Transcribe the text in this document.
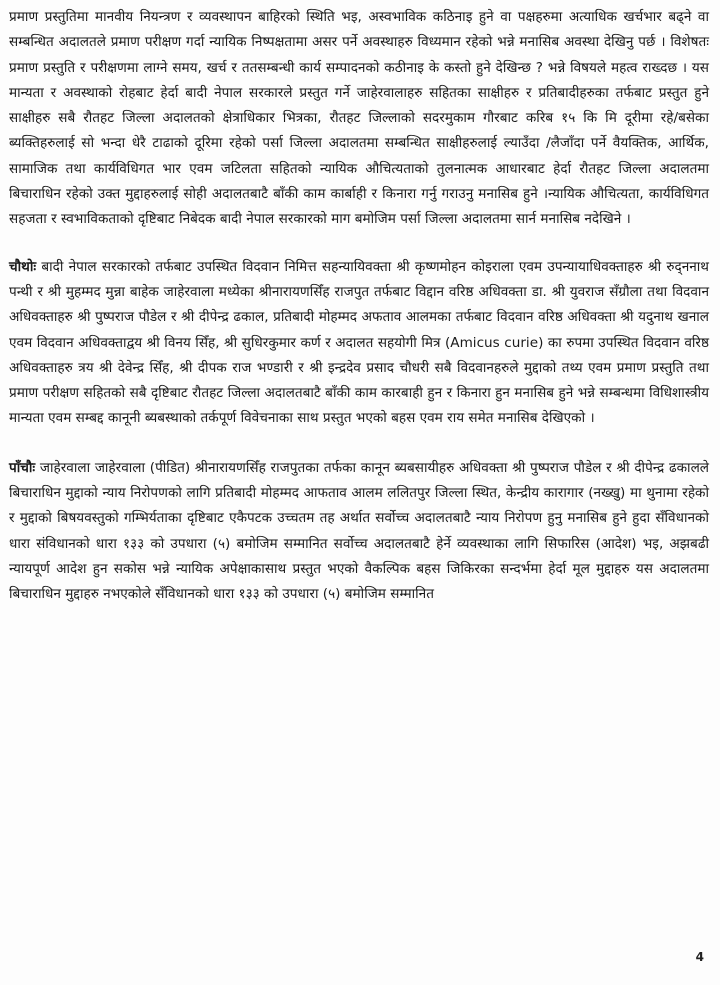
प्रमाण प्रस्तुतिमा मानवीय नियन्त्रण र व्यवस्थापन बाहिरको स्थिति भइ, अस्वभाविक कठिनाइ हुने वा पक्षहरुमा अत्याधिक खर्चभार बढ्ने वा सम्बन्धित अदालतले प्रमाण परीक्षण गर्दा न्यायिक निष्पक्षतामा असर पर्ने अवस्थाहरु विध्यमान रहेको भन्ने मनासिब अवस्था देखिनु पर्छ । विशेषतः प्रमाण प्रस्तुति र परीक्षणमा लाग्ने समय, खर्च र ततसम्बन्धी कार्य सम्पादनको कठीनाइ के कस्तो हुने देखिन्छ ? भन्ने विषयले महत्व राख्दछ । यस मान्यता र अवस्थाको रोहबाट हेर्दा बादी नेपाल सरकारले प्रस्तुत गर्ने जाहेरवालाहरु सहितका साक्षीहरु र प्रतिबादीहरुका तर्फबाट प्रस्तुत हुने साक्षीहरु सबै रौतहट जिल्ला अदालतको क्षेत्राधिकार भित्रका, रौतहट जिल्लाको सदरमुकाम गौरबाट करिब १५ कि मि दूरीमा रहे/बसेका ब्यक्तिहरुलाई सो भन्दा धेरै टाढाको दूरिमा रहेको पर्सा जिल्ला अदालतमा सम्बन्धित साक्षीहरुलाई ल्याउँदा /लैजाँदा पर्ने वैयक्तिक, आर्थिक, सामाजिक तथा कार्यविधिगत भार एवम जटिलता सहितको न्यायिक औचित्यताको तुलनात्मक आधारबाट हेर्दा रौतहट जिल्ला अदालतमा बिचाराधिन रहेको उक्त मुद्दाहरुलाई सोही अदालतबाटै बाँकी काम कार्बाही र किनारा गर्नु गराउनु मनासिब हुने ।न्यायिक औचित्यता, कार्यविधिगत सहजता र स्वभाविकताको दृष्टिबाट निबेदक बादी नेपाल सरकारको माग बमोजिम पर्सा जिल्ला अदालतमा सार्न मनासिब नदेखिने ।

चौथोः बादी नेपाल सरकारको तर्फबाट उपस्थित विदवान निमित्त सहन्यायिवक्ता श्री कृष्णमोहन कोइराला एवम उपन्यायाधिवक्ताहरु श्री रुद्ननाथ पन्थी र श्री मुहम्मद मुन्ना बाहेक जाहेरवाला मध्येका श्रीनारायणसिँह राजपुत तर्फबाट विद्दान वरिष्ठ अधिवक्ता डा. श्री युवराज सँग्रौला तथा विदवान अधिवक्ताहरु श्री पुष्पराज पौडेल र श्री दीपेन्द्र ढकाल, प्रतिबादी मोहम्मद अफताव आलमका तर्फबाट विदवान वरिष्ठ अधिवक्ता श्री यदुनाथ खनाल एवम विदवान अधिवक्ताद्वय श्री विनय सिँह, श्री सुधिरकुमार कर्ण र अदालत सहयोगी मित्र (Amicus curie) का रुपमा उपस्थित विदवान वरिष्ठ अधिवक्ताहरु त्रय श्री देवेन्द्र सिँह, श्री दीपक राज भण्डारी र श्री इन्द्रदेव प्रसाद चौधरी सबै विदवानहरुले मुद्दाको तथ्य एवम प्रमाण प्रस्तुति तथा प्रमाण परीक्षण सहितको सबै दृष्टिबाट रौतहट जिल्ला अदालतबाटै बाँकी काम कारबाही हुन र किनारा हुन मनासिब हुने भन्ने सम्बन्धमा विधिशास्त्रीय मान्यता एवम सम्बद्द कानूनी ब्यबस्थाको तर्कपूर्ण विवेचनाका साथ प्रस्तुत भएको बहस एवम राय समेत मनासिब देखिएको ।

पाँचौः जाहेरवाला जाहेरवाला (पीडित) श्रीनारायणसिँह राजपुतका तर्फका कानून ब्यबसायीहरु अधिवक्ता श्री पुष्पराज पौडेल र श्री दीपेन्द्र ढकालले बिचाराधिन मुद्दाको न्याय निरोपणको लागि प्रतिबादी मोहम्मद आफताव आलम ललितपुर जिल्ला स्थित, केन्द्रीय कारागार (नख्खु) मा थुनामा रहेको र मुद्दाको बिषयवस्तुको गम्भिर्यताका दृष्टिबाट एकैपटक उच्चतम तह अर्थात सर्वोच्च अदालतबाटै न्याय निरोपण हुनु मनासिब हुने हुदा सँविधानको धारा संविधानको धारा १३३ को उपधारा (५) बमोजिम सम्मानित सर्वोच्च अदालतबाटै हेर्ने व्यवस्थाका लागि सिफारिस (आदेश) भइ, अझबढी न्यायपूर्ण आदेश हुन सकोस भन्ने न्यायिक अपेक्षाकासाथ प्रस्तुत भएको वैकल्पिक बहस जिकिरका सन्दर्भमा हेर्दा मूल मुद्दाहरु यस अदालतमा बिचाराधिन मुद्दाहरु नभएकोले सँविधानको धारा १३३ को उपधारा (५) बमोजिम सम्मानित

4
